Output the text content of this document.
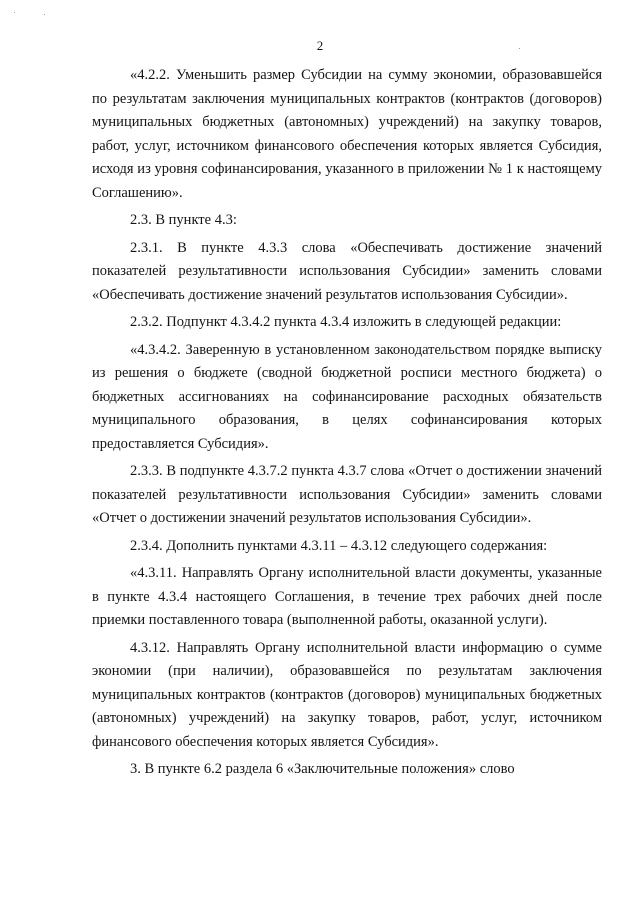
2

«4.2.2. Уменьшить размер Субсидии на сумму экономии, образовавшейся по результатам заключения муниципальных контрактов (контрактов (договоров) муниципальных бюджетных (автономных) учреждений) на закупку товаров, работ, услуг, источником финансового обеспечения которых является Субсидия, исходя из уровня софинансирования, указанного в приложении № 1 к настоящему Соглашению».

2.3. В пункте 4.3:

2.3.1. В пункте 4.3.3 слова «Обеспечивать достижение значений показателей результативности использования Субсидии» заменить словами «Обеспечивать достижение значений результатов использования Субсидии».

2.3.2. Подпункт 4.3.4.2 пункта 4.3.4 изложить в следующей редакции:

«4.3.4.2. Заверенную в установленном законодательством порядке выписку из решения о бюджете (сводной бюджетной росписи местного бюджета) о бюджетных ассигнованиях на софинансирование расходных обязательств муниципального образования, в целях софинансирования которых предоставляется Субсидия».

2.3.3. В подпункте 4.3.7.2 пункта 4.3.7 слова «Отчет о достижении значений показателей результативности использования Субсидии» заменить словами «Отчет о достижении значений результатов использования Субсидии».

2.3.4. Дополнить пунктами 4.3.11 – 4.3.12 следующего содержания:

«4.3.11. Направлять Органу исполнительной власти документы, указанные в пункте 4.3.4 настоящего Соглашения, в течение трех рабочих дней после приемки поставленного товара (выполненной работы, оказанной услуги).

4.3.12. Направлять Органу исполнительной власти информацию о сумме экономии (при наличии), образовавшейся по результатам заключения муниципальных контрактов (контрактов (договоров) муниципальных бюджетных (автономных) учреждений) на закупку товаров, работ, услуг, источником финансового обеспечения которых является Субсидия».

3. В пункте 6.2 раздела 6 «Заключительные положения» слово
